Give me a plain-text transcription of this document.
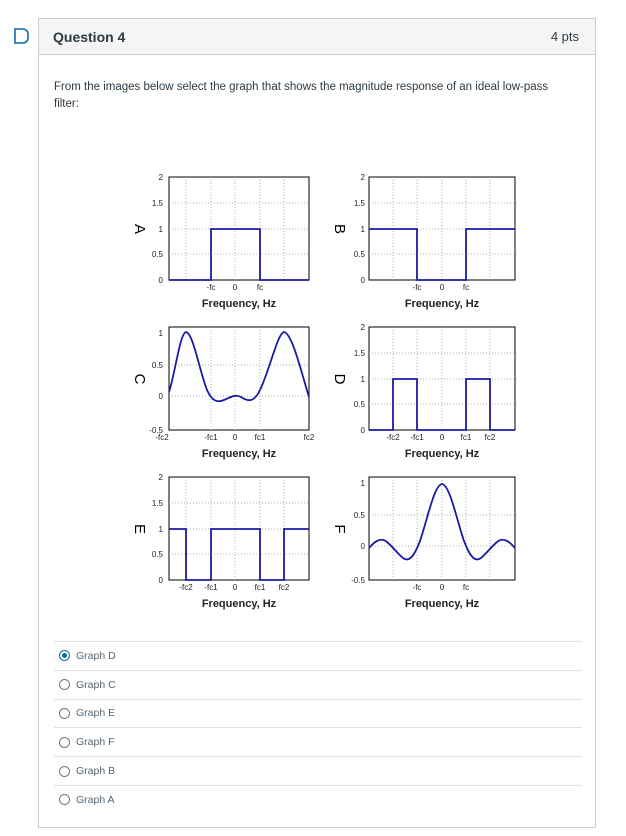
Question 4	4 pts

From the images below select the graph that shows the magnitude response of an ideal low-pass filter:

A
2
1.5
1
0.5
0
-fc 0 fc
Frequency, Hz
B
2
1.5
1
0.5
0
-fc 0 fc
Frequency, Hz
C
1
0.5
0
-0.5
-fc2	-fc1 0 fc1	fc2
Frequency, Hz
D
2
1.5
1
0.5
0
-fc2 -fc1 0 fc1 fc2
Frequency, Hz
E
2
1.5
1
0.5
0
-fc2 -fc1 0 fc1 fc2
Frequency, Hz
F
1
0.5
0
-0.5
-fc 0 fc
Frequency, Hz
Graph D
Graph C
Graph E
Graph F
Graph B
Graph A
